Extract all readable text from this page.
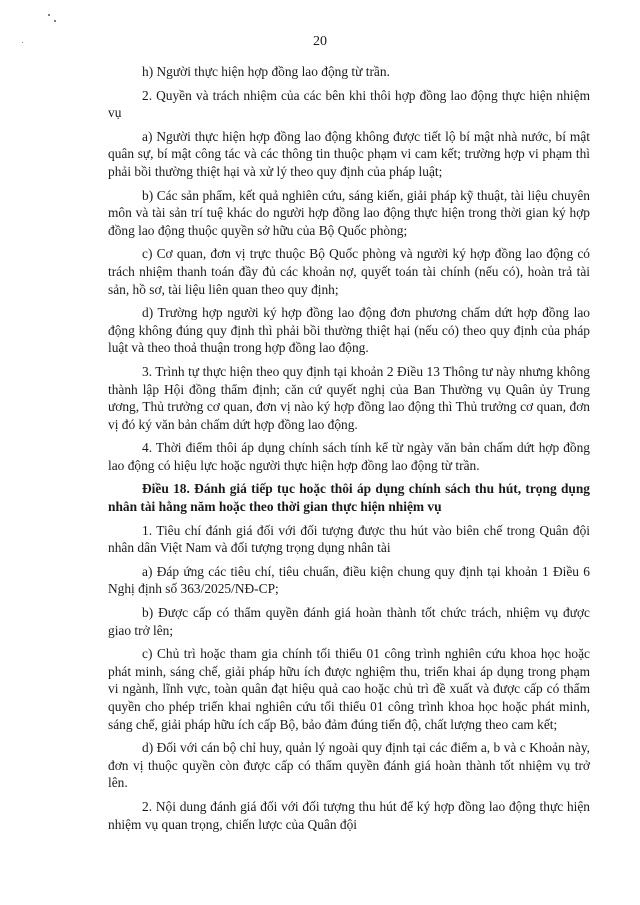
20

h) Người thực hiện hợp đồng lao động từ trần.

2. Quyền và trách nhiệm của các bên khi thôi hợp đồng lao động thực hiện nhiệm vụ

a) Người thực hiện hợp đồng lao động không được tiết lộ bí mật nhà nước, bí mật quân sự, bí mật công tác và các thông tin thuộc phạm vi cam kết; trường hợp vi phạm thì phải bồi thường thiệt hại và xử lý theo quy định của pháp luật;

b) Các sản phẩm, kết quả nghiên cứu, sáng kiến, giải pháp kỹ thuật, tài liệu chuyên môn và tài sản trí tuệ khác do người hợp đồng lao động thực hiện trong thời gian ký hợp đồng lao động thuộc quyền sở hữu của Bộ Quốc phòng;

c) Cơ quan, đơn vị trực thuộc Bộ Quốc phòng và người ký hợp đồng lao động có trách nhiệm thanh toán đầy đủ các khoản nợ, quyết toán tài chính (nếu có), hoàn trả tài sản, hồ sơ, tài liệu liên quan theo quy định;

d) Trường hợp người ký hợp đồng lao động đơn phương chấm dứt hợp đồng lao động không đúng quy định thì phải bồi thường thiệt hại (nếu có) theo quy định của pháp luật và theo thoả thuận trong hợp đồng lao động.

3. Trình tự thực hiện theo quy định tại khoản 2 Điều 13 Thông tư này nhưng không thành lập Hội đồng thẩm định; căn cứ quyết nghị của Ban Thường vụ Quân ủy Trung ương, Thủ trưởng cơ quan, đơn vị nào ký hợp đồng lao động thì Thủ trưởng cơ quan, đơn vị đó ký văn bản chấm dứt hợp đồng lao động.

4. Thời điểm thôi áp dụng chính sách tính kể từ ngày văn bản chấm dứt hợp đồng lao động có hiệu lực hoặc người thực hiện hợp đồng lao động từ trần.

Điều 18. Đánh giá tiếp tục hoặc thôi áp dụng chính sách thu hút, trọng dụng nhân tài hằng năm hoặc theo thời gian thực hiện nhiệm vụ

1. Tiêu chí đánh giá đối với đối tượng được thu hút vào biên chế trong Quân đội nhân dân Việt Nam và đối tượng trọng dụng nhân tài

a) Đáp ứng các tiêu chí, tiêu chuẩn, điều kiện chung quy định tại khoản 1 Điều 6 Nghị định số 363/2025/NĐ-CP;

b) Được cấp có thẩm quyền đánh giá hoàn thành tốt chức trách, nhiệm vụ được giao trở lên;

c) Chủ trì hoặc tham gia chính tối thiểu 01 công trình nghiên cứu khoa học hoặc phát minh, sáng chế, giải pháp hữu ích được nghiệm thu, triển khai áp dụng trong phạm vi ngành, lĩnh vực, toàn quân đạt hiệu quả cao hoặc chủ trì đề xuất và được cấp có thẩm quyền cho phép triển khai nghiên cứu tối thiểu 01 công trình khoa học hoặc phát minh, sáng chế, giải pháp hữu ích cấp Bộ, bảo đảm đúng tiến độ, chất lượng theo cam kết;

d) Đối với cán bộ chỉ huy, quản lý ngoài quy định tại các điểm a, b và c Khoản này, đơn vị thuộc quyền còn được cấp có thẩm quyền đánh giá hoàn thành tốt nhiệm vụ trở lên.

2. Nội dung đánh giá đối với đối tượng thu hút để ký hợp đồng lao động thực hiện nhiệm vụ quan trọng, chiến lược của Quân đội
